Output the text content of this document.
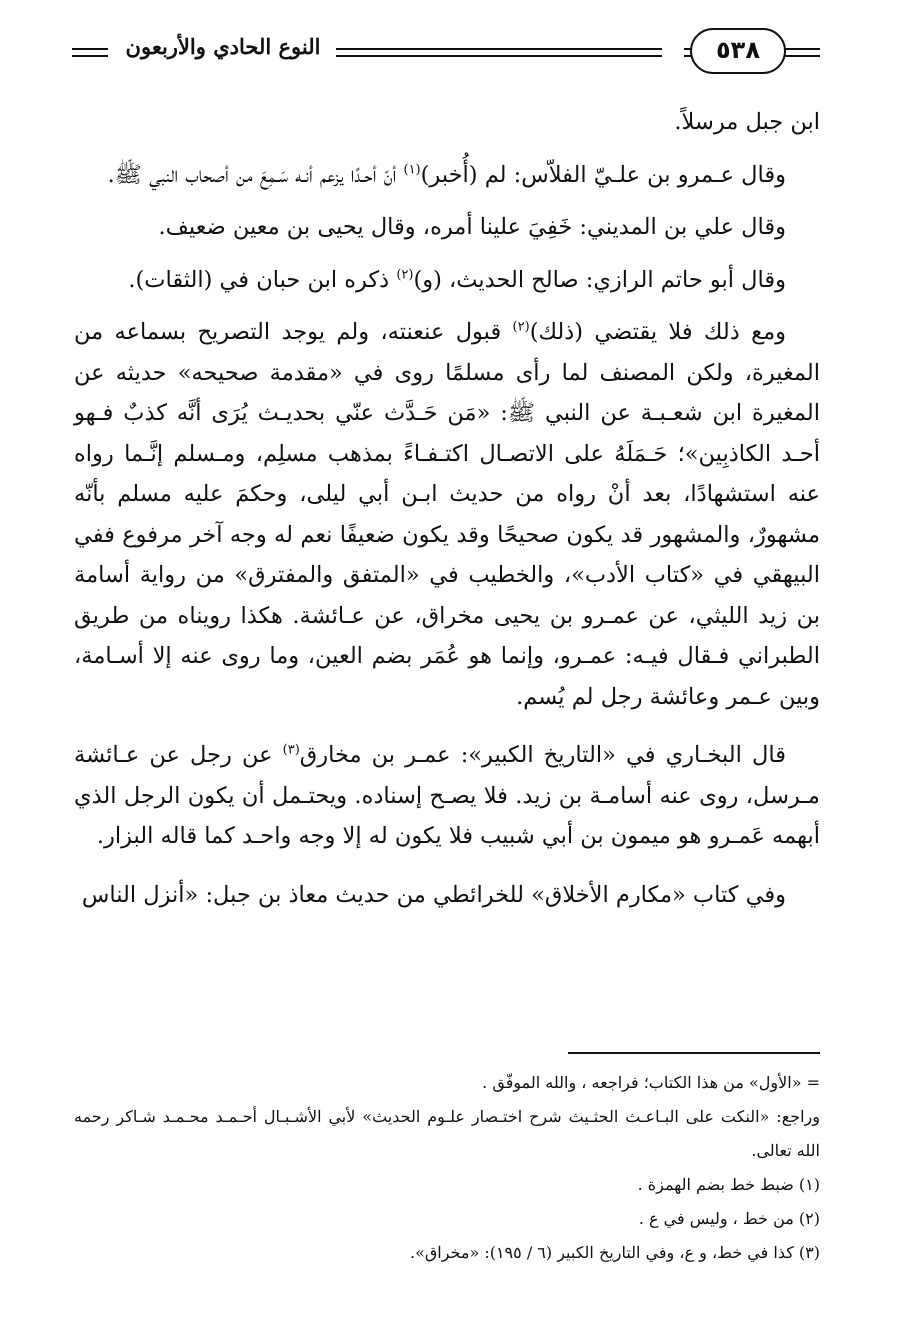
٥٣٨
النوع الحادي والأربعون

ابن جبل مرسلاً.

وقال عـمرو بن علـيّ الفلاّس: لم (أُخبر)$^{(١)}$ أنّ أحـدًا يزعم أنـه سَـمِعَ من أصحاب النبي ﷺ.

وقال علي بن المديني: خَفِيَ علينا أمره، وقال يحيى بن معين ضعيف.

وقال أبو حاتم الرازي: صالح الحديث، (و)$^{(٢)}$ ذكره ابن حبان في (الثقات).

ومع ذلك فلا يقتضي (ذلك)$^{(٢)}$ قبول عنعنته، ولم يوجد التصريح بسماعه من المغيرة، ولكن المصنف لما رأى مسلمًا روى في «مقدمة صحيحه» حديثه عن المغيرة ابن شعـبـة عن النبي ﷺ: «مَن حَـدَّث عنّي بحديـث يُرَى أنَّه كذبٌ فـهو أحـد الكاذبِين»؛ حَـمَلَهُ على الاتصـال اكتـفـاءً بمذهب مسلِم، ومـسلم إنَّـما رواه عنه استشهادًا، بعد أنْ رواه من حديث ابـن أبي ليلى، وحكمَ عليه مسلم بأنّه مشهورٌ، والمشهور قد يكون صحيحًا وقد يكون ضعيفًا نعم له وجه آخر مرفوع ففي البيهقي في «كتاب الأدب»، والخطيب في «المتفق والمفترق» من رواية أسامة بن زيد الليثي، عن عمـرو بن يحيى مخراق، عن عـائشة. هكذا رويناه من طريق الطبراني فـقال فيـه: عمـرو، وإنما هو عُمَر بضم العين، وما روى عنه إلا أسـامة، وبين عـمر وعائشة رجل لم يُسم.

قال البخـاري في «التاريخ الكبير»: عمـر بن مخارق$^{(٣)}$ عن رجل عن عـائشة مـرسل، روى عنه أسامـة بن زيد. فلا يصـح إسناده. ويحتـمل أن يكون الرجل الذي أبهمه عَمـرو هو ميمون بن أبي شبيب فلا يكون له إلا وجه واحـد كما قاله البزار.

وفي كتاب «مكارم الأخلاق» للخرائطي من حديث معاذ بن جبل: «أنزل الناس

= «الأول» من هذا الكتاب؛ فراجعه ، والله الموفّق .

وراجع: «النكت على البـاعـث الحثـيث شرح اختـصار علـوم الحديث» لأبي الأشـبـال أحـمـد محـمـد شـاكر رحمه الله تعالى.

(١) ضبط خط بضم الهمزة .

(٢) من خط ، وليس في ع .

(٣) كذا في خط، و ع، وفي التاريخ الكبير (٦ / ١٩٥): «مخراق».
